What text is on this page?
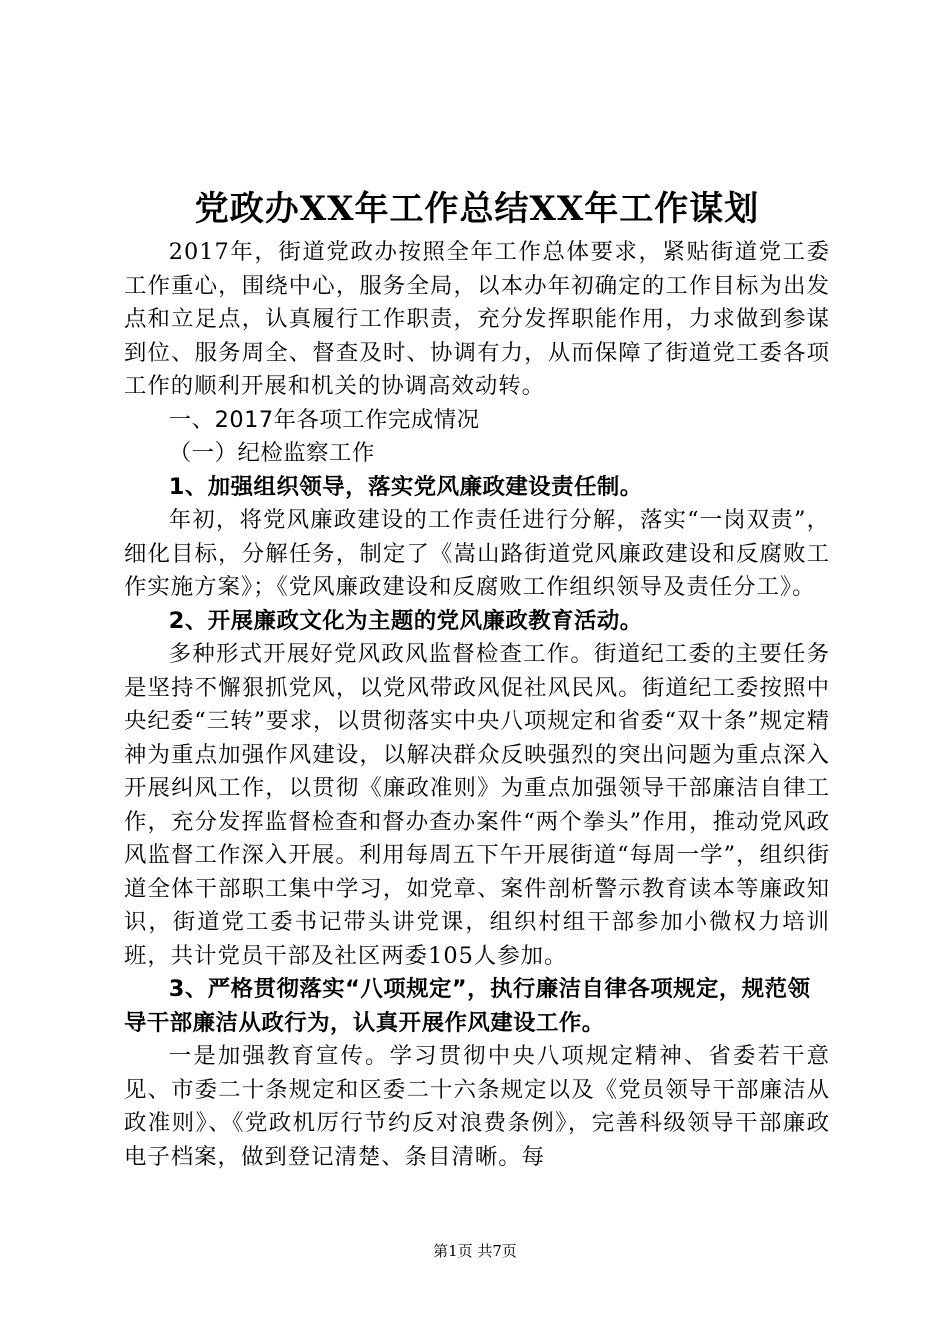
党政办XX年工作总结XX年工作谋划

2017年，街道党政办按照全年工作总体要求，紧贴街道党工委工作重心，围绕中心，服务全局，以本办年初确定的工作目标为出发点和立足点，认真履行工作职责，充分发挥职能作用，力求做到参谋到位、服务周全、督查及时、协调有力，从而保障了街道党工委各项工作的顺利开展和机关的协调高效动转。

一、2017年各项工作完成情况

（一）纪检监察工作

1、加强组织领导，落实党风廉政建设责任制。

年初，将党风廉政建设的工作责任进行分解，落实“一岗双责”，细化目标，分解任务，制定了《嵩山路街道党风廉政建设和反腐败工作实施方案》；《党风廉政建设和反腐败工作组织领导及责任分工》。

2、开展廉政文化为主题的党风廉政教育活动。

多种形式开展好党风政风监督检查工作。街道纪工委的主要任务是坚持不懈狠抓党风，以党风带政风促社风民风。街道纪工委按照中央纪委“三转”要求，以贯彻落实中央八项规定和省委“双十条”规定精神为重点加强作风建设，以解决群众反映强烈的突出问题为重点深入开展纠风工作，以贯彻《廉政准则》为重点加强领导干部廉洁自律工作，充分发挥监督检查和督办查办案件“两个拳头”作用，推动党风政风监督工作深入开展。利用每周五下午开展街道“每周一学”，组织街道全体干部职工集中学习，如党章、案件剖析警示教育读本等廉政知识，街道党工委书记带头讲党课，组织村组干部参加小微权力培训班，共计党员干部及社区两委105人参加。

3、严格贯彻落实“八项规定”，执行廉洁自律各项规定，规范领导干部廉洁从政行为，认真开展作风建设工作。

一是加强教育宣传。学习贯彻中央八项规定精神、省委若干意见、市委二十条规定和区委二十六条规定以及《党员领导干部廉洁从政准则》、《党政机厉行节约反对浪费条例》，完善科级领导干部廉政电子档案，做到登记清楚、条目清晰。每

第1页 共7页
